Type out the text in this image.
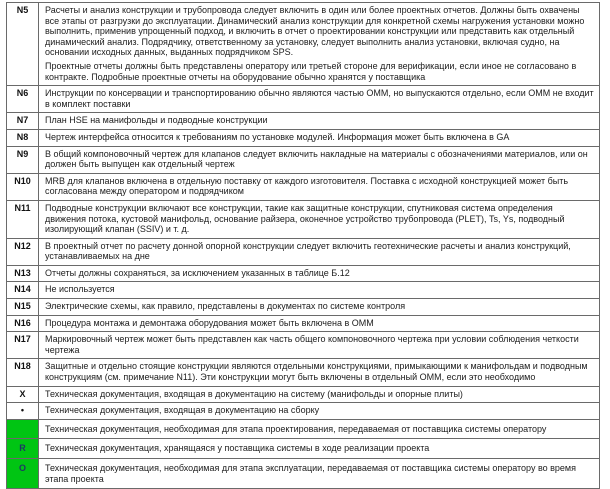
N5	Расчеты и анализ конструкции и трубопровода следует включить в один или более проектных отчетов. Должны быть охвачены все этапы от разгрузки до эксплуатации. Динамический анализ конструкции для конкретной схемы нагружения установки можно выполнить, применив упрощенный подход, и включить в отчет о проектировании конструкции или представить как отдельный динамический анализ. Подрядчику, ответственному за установку, следует выполнить анализ установки, включая судно, на основании исходных данных, выданных подрядчиком SPS.

Проектные отчеты должны быть представлены оператору или третьей стороне для верификации, если иное не согласовано в контракте. Подробные проектные отчеты на оборудование обычно хранятся у поставщика

N6	Инструкции по консервации и транспортированию обычно являются частью ОММ, но выпускаются отдельно, если ОММ не входит в комплект поставки

N7	План HSE на манифольды и подводные конструкции

N8	Чертеж интерфейса относится к требованиям по установке модулей. Информация может быть включена в GA

N9	В общий компоновочный чертеж для клапанов следует включить накладные на материалы с обозначениями материалов, или он должен быть выпущен как отдельный чертеж

N10	MRB для клапанов включена в отдельную поставку от каждого изготовителя. Поставка с исходной конструкцией может быть согласована между оператором и подрядчиком

N11	Подводные конструкции включают все конструкции, такие как защитные конструкции, спутниковая система определения движения потока, кустовой манифольд, основание райзера, оконечное устройство трубопровода (PLET), Ts, Ys, подводный изолирующий клапан (SSIV) и т. д.

N12	В проектный отчет по расчету донной опорной конструкции следует включить геотехнические расчеты и анализ конструкций, устанавливаемых на дне

N13	Отчеты должны сохраняться, за исключением указанных в таблице Б.12

N14	Не используется

N15	Электрические схемы, как правило, представлены в документах по системе контроля

N16	Процедура монтажа и демонтажа оборудования может быть включена в ОММ

N17	Маркировочный чертеж может быть представлен как часть общего компоновочного чертежа при условии соблюдения четкости чертежа

N18	Защитные и отдельно стоящие конструкции являются отдельными конструкциями, примыкающими к манифольдам и подводным конструкциям (см. примечание N11). Эти конструкции могут быть включены в отдельный ОММ, если это необходимо

X	Техническая документация, входящая в документацию на систему (манифольды и опорные плиты)

•	Техническая документация, входящая в документацию на сборку

	Техническая документация, необходимая для этапа проектирования, передаваемая от поставщика системы оператору

R	Техническая документация, хранящаяся у поставщика системы в ходе реализации проекта

O	Техническая документация, необходимая для этапа эксплуатации, передаваемая от поставщика системы оператору во время этапа проекта
